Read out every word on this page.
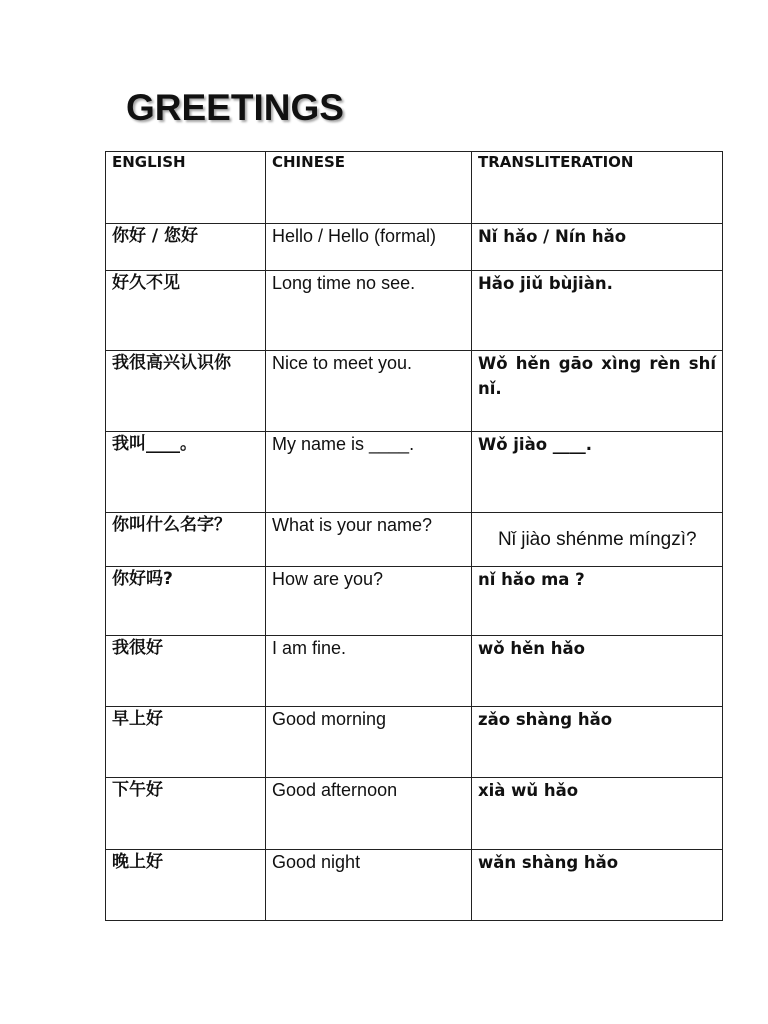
GREETINGS
ENGLISH	CHINESE	TRANSLITERATION
你好 / 您好	Hello / Hello (formal)	Nǐ hǎo / Nín hǎo
好久不见	Long time no see.	Hǎo jiǔ bùjiàn.
我很高兴认识你	Nice to meet you.	Wǒ hěn gāo xìng rèn shí nǐ.
我叫____。	My name is ____.	Wǒ jiào ____.
你叫什么名字？	What is your name?	Nǐ jiào shénme míngzì?
你好吗?	How are you?	nǐ hǎo ma ?
我很好	I am fine.	wǒ hěn hǎo
早上好	Good morning	zǎo shàng hǎo
下午好	Good afternoon	xià wǔ hǎo
晚上好	Good night	wǎn shàng hǎo
